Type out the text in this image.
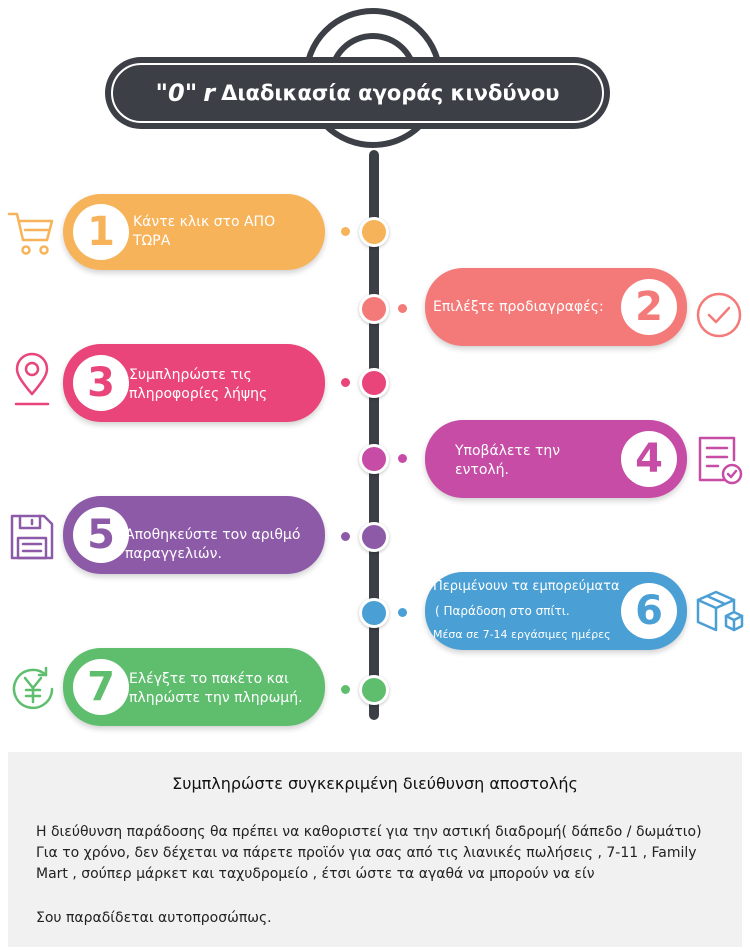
"0" r Διαδικασία αγοράς κινδύνου
1	Κάντε κλικ στο ΑΠΟ ΤΩΡΑ
Επιλέξτε προδιαγραφές: 2
3	Συμπληρώστε τις πληροφορίες λήψης
Υποβάλετε την εντολή.	4
5 Αποθηκεύστε τον αριθμό παραγγελιών.
Περιμένουν τα εμπορεύματα
( Παράδοση στο σπίτι.
Μέσα σε 7-14 εργάσιμες ημέρες
6
7	Ελέγξτε το πακέτο και πληρώστε την πληρωμή.
Συμπληρώστε συγκεκριμένη διεύθυνση αποστολής
Η διεύθυνση παράδοσης θα πρέπει να καθοριστεί για την αστική διαδρομή( δάπεδο / δωμάτιο) Για το χρόνο, δεν δέχεται να πάρετε προϊόν για σας από τις λιανικές πωλήσεις , 7-11 , Family Mart , σούπερ μάρκετ και ταχυδρομείο , έτσι ώστε τα αγαθά να μπορούν να είν
Σου παραδίδεται αυτοπροσώπως.
